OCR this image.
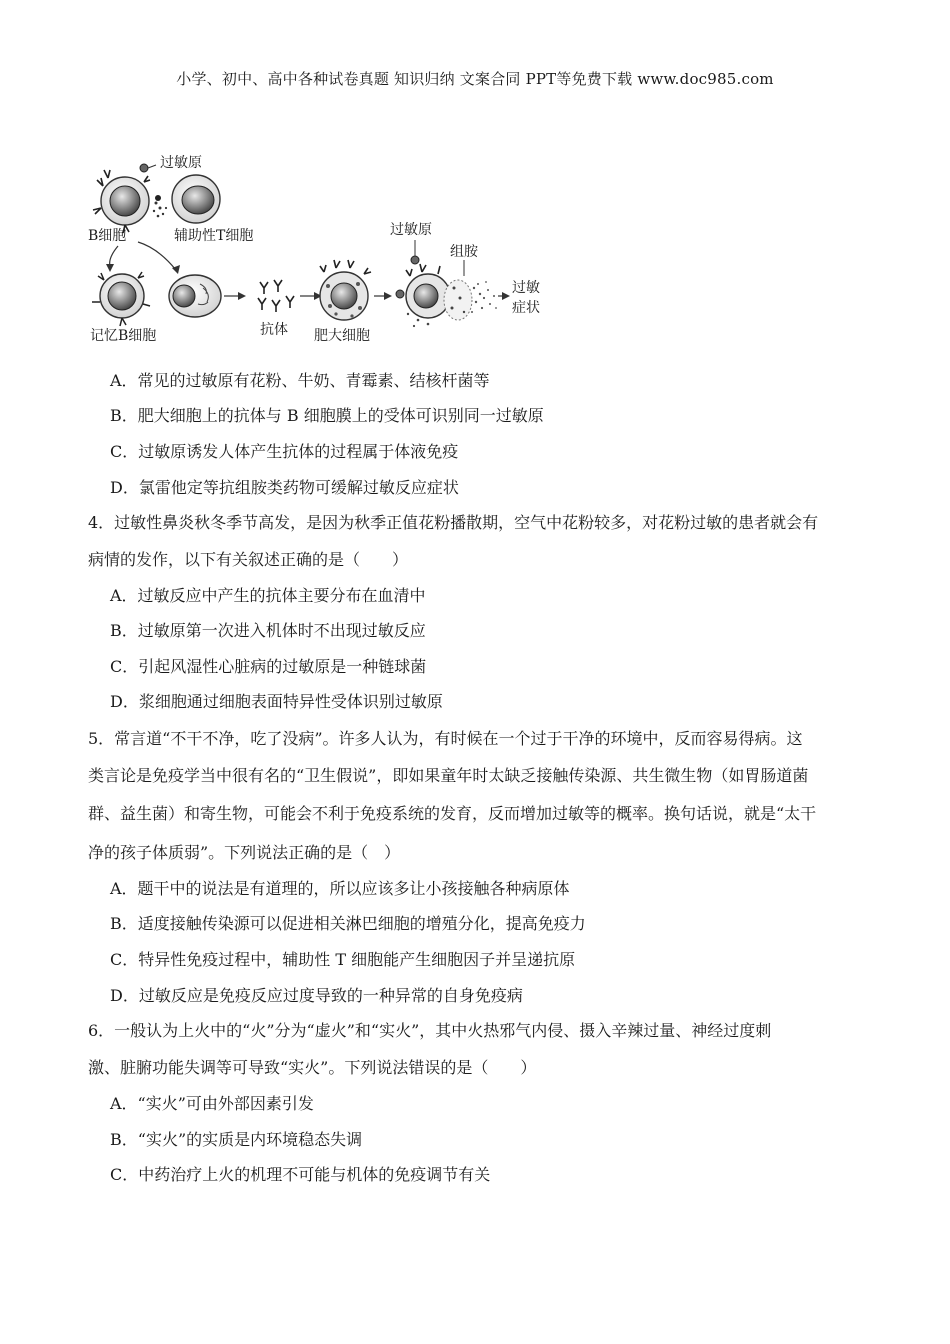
小学、初中、高中各种试卷真题 知识归纳 文案合同 PPT等免费下载 www.doc985.com
过敏原
B细胞	辅助性T细胞
记忆B细胞	抗体 肥大细胞
过敏原
组胺
过敏
症状
A．常见的过敏原有花粉、牛奶、青霉素、结核杆菌等
B．肥大细胞上的抗体与 B 细胞膜上的受体可识别同一过敏原
C．过敏原诱发人体产生抗体的过程属于体液免疫
D．氯雷他定等抗组胺类药物可缓解过敏反应症状
4．过敏性鼻炎秋冬季节高发，是因为秋季正值花粉播散期，空气中花粉较多，对花粉过敏的患者就会有
病情的发作，以下有关叙述正确的是（　　）
A．过敏反应中产生的抗体主要分布在血清中
B．过敏原第一次进入机体时不出现过敏反应
C．引起风湿性心脏病的过敏原是一种链球菌
D．浆细胞通过细胞表面特异性受体识别过敏原
5．常言道“不干不净，吃了没病”。许多人认为，有时候在一个过于干净的环境中，反而容易得病。这
类言论是免疫学当中很有名的“卫生假说”，即如果童年时太缺乏接触传染源、共生微生物（如胃肠道菌
群、益生菌）和寄生物，可能会不利于免疫系统的发育，反而增加过敏等的概率。换句话说，就是“太干
净的孩子体质弱”。下列说法正确的是（　）
A．题干中的说法是有道理的，所以应该多让小孩接触各种病原体
B．适度接触传染源可以促进相关淋巴细胞的增殖分化，提高免疫力
C．特异性免疫过程中，辅助性 T 细胞能产生细胞因子并呈递抗原
D．过敏反应是免疫反应过度导致的一种异常的自身免疫病
6．一般认为上火中的“火”分为“虚火”和“实火”，其中火热邪气内侵、摄入辛辣过量、神经过度刺
激、脏腑功能失调等可导致“实火”。下列说法错误的是（　　）
A．“实火”可由外部因素引发
B．“实火”的实质是内环境稳态失调
C．中药治疗上火的机理不可能与机体的免疫调节有关
